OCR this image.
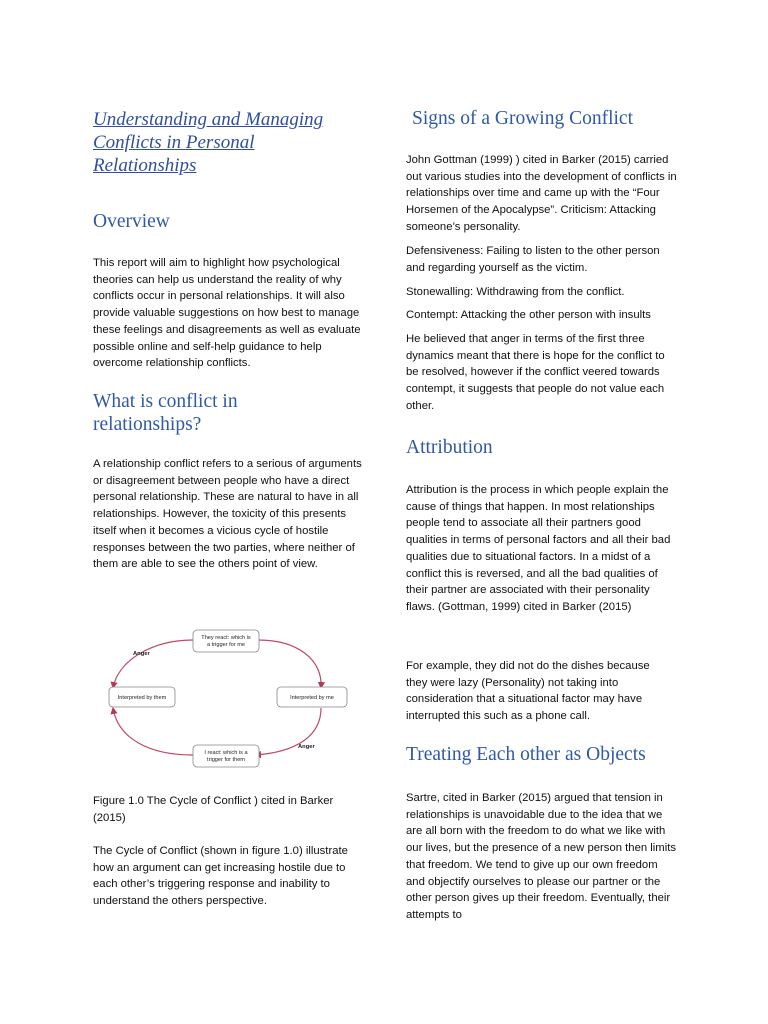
Understanding and Managing
Conflicts in Personal
Relationships
Overview

This report will aim to highlight how psychological theories can help us understand the reality of why conflicts occur in personal relationships. It will also provide valuable suggestions on how best to manage these feelings and disagreements as well as evaluate possible online and self-help guidance to help overcome relationship conflicts.

What is conflict in relationships?

A relationship conflict refers to a serious of arguments or disagreement between people who have a direct personal relationship. These are natural to have in all relationships. However, the toxicity of this presents itself when it becomes a vicious cycle of hostile responses between the two parties, where neither of them are able to see the others point of view.

They react: which is a trigger for me
Interpreted by me
I react: which is a trigger for them
Interpreted by them
Anger
Anger

Figure 1.0 The Cycle of Conflict ) cited in Barker (2015)

The Cycle of Conflict (shown in figure 1.0) illustrate how an argument can get increasing hostile due to each other’s triggering response and inability to understand the others perspective.

Signs of a Growing Conflict

John Gottman (1999) ) cited in Barker (2015) carried out various studies into the development of conflicts in relationships over time and came up with the “Four Horsemen of the Apocalypse”. Criticism: Attacking someone’s personality.

Defensiveness: Failing to listen to the other person and regarding yourself as the victim.

Stonewalling: Withdrawing from the conflict.

Contempt: Attacking the other person with insults

He believed that anger in terms of the first three dynamics meant that there is hope for the conflict to be resolved, however if the conflict veered towards contempt, it suggests that people do not value each other.

Attribution

Attribution is the process in which people explain the cause of things that happen. In most relationships people tend to associate all their partners good qualities in terms of personal factors and all their bad qualities due to situational factors. In a midst of a conflict this is reversed, and all the bad qualities of their partner are associated with their personality flaws. (Gottman, 1999) cited in Barker (2015)

For example, they did not do the dishes because they were lazy (Personality) not taking into consideration that a situational factor may have interrupted this such as a phone call.

Treating Each other as Objects

Sartre, cited in Barker (2015) argued that tension in relationships is unavoidable due to the idea that we are all born with the freedom to do what we like with our lives, but the presence of a new person then limits that freedom. We tend to give up our own freedom and objectify ourselves to please our partner or the other person gives up their freedom. Eventually, their attempts to
